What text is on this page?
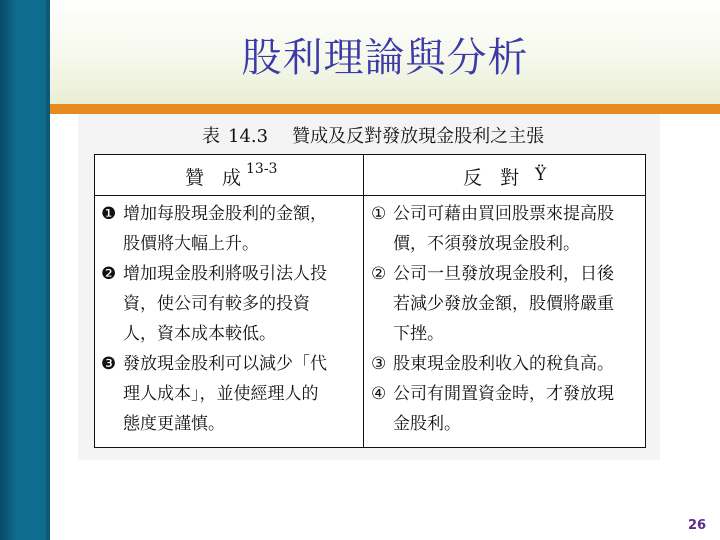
股利理論與分析
表 14.3 贊成及反對發放現金股利之主張
贊成
13-3	反對
Ÿ
❶ 增加每股現金股利的金額，
股價將大幅上升。
❷ 增加現金股利將吸引法人投
資，使公司有較多的投資
人，資本成本較低。
❸ 發放現金股利可以減少「代
理人成本」，並使經理人的
態度更謹慎。
① 公司可藉由買回股票來提高股
價，不須發放現金股利。
② 公司一旦發放現金股利，日後
若減少發放金額，股價將嚴重
下挫。
③ 股東現金股利收入的稅負高。
④ 公司有閒置資金時，才發放現
金股利。
26
